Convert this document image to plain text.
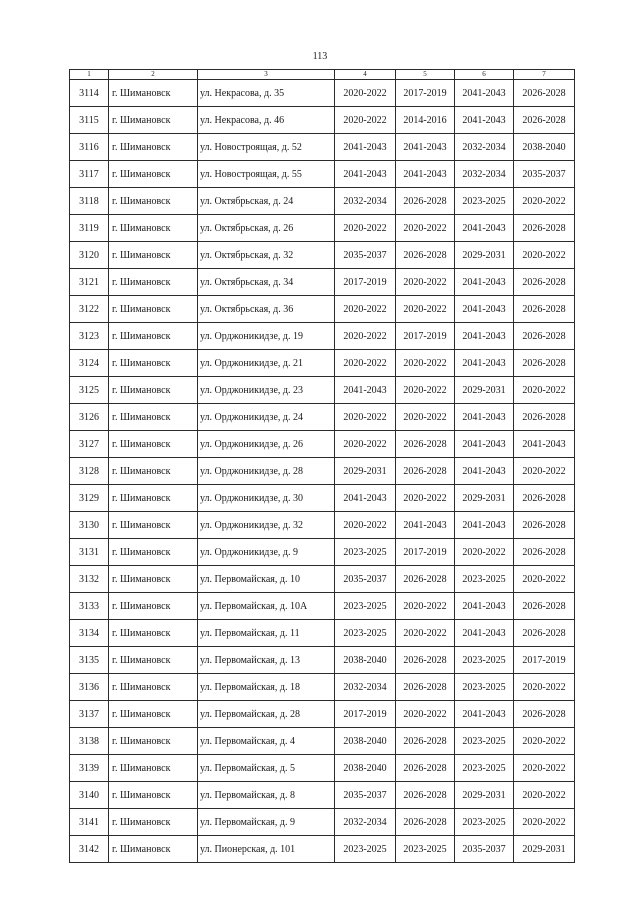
113
1	2	3	4	5	6	7
3114	г. Шимановск	ул. Некрасова, д. 35	2020-2022	2017-2019	2041-2043	2026-2028
3115	г. Шимановск	ул. Некрасова, д. 46	2020-2022	2014-2016	2041-2043	2026-2028
3116	г. Шимановск	ул. Новостроящая, д. 52	2041-2043	2041-2043	2032-2034	2038-2040
3117	г. Шимановск	ул. Новостроящая, д. 55	2041-2043	2041-2043	2032-2034	2035-2037
3118	г. Шимановск	ул. Октябрьская, д. 24	2032-2034	2026-2028	2023-2025	2020-2022
3119	г. Шимановск	ул. Октябрьская, д. 26	2020-2022	2020-2022	2041-2043	2026-2028
3120	г. Шимановск	ул. Октябрьская, д. 32	2035-2037	2026-2028	2029-2031	2020-2022
3121	г. Шимановск	ул. Октябрьская, д. 34	2017-2019	2020-2022	2041-2043	2026-2028
3122	г. Шимановск	ул. Октябрьская, д. 36	2020-2022	2020-2022	2041-2043	2026-2028
3123	г. Шимановск	ул. Орджоникидзе, д. 19	2020-2022	2017-2019	2041-2043	2026-2028
3124	г. Шимановск	ул. Орджоникидзе, д. 21	2020-2022	2020-2022	2041-2043	2026-2028
3125	г. Шимановск	ул. Орджоникидзе, д. 23	2041-2043	2020-2022	2029-2031	2020-2022
3126	г. Шимановск	ул. Орджоникидзе, д. 24	2020-2022	2020-2022	2041-2043	2026-2028
3127	г. Шимановск	ул. Орджоникидзе, д. 26	2020-2022	2026-2028	2041-2043	2041-2043
3128	г. Шимановск	ул. Орджоникидзе, д. 28	2029-2031	2026-2028	2041-2043	2020-2022
3129	г. Шимановск	ул. Орджоникидзе, д. 30	2041-2043	2020-2022	2029-2031	2026-2028
3130	г. Шимановск	ул. Орджоникидзе, д. 32	2020-2022	2041-2043	2041-2043	2026-2028
3131	г. Шимановск	ул. Орджоникидзе, д. 9	2023-2025	2017-2019	2020-2022	2026-2028
3132	г. Шимановск	ул. Первомайская, д. 10	2035-2037	2026-2028	2023-2025	2020-2022
3133	г. Шимановск	ул. Первомайская, д. 10А	2023-2025	2020-2022	2041-2043	2026-2028
3134	г. Шимановск	ул. Первомайская, д. 11	2023-2025	2020-2022	2041-2043	2026-2028
3135	г. Шимановск	ул. Первомайская, д. 13	2038-2040	2026-2028	2023-2025	2017-2019
3136	г. Шимановск	ул. Первомайская, д. 18	2032-2034	2026-2028	2023-2025	2020-2022
3137	г. Шимановск	ул. Первомайская, д. 28	2017-2019	2020-2022	2041-2043	2026-2028
3138	г. Шимановск	ул. Первомайская, д. 4	2038-2040	2026-2028	2023-2025	2020-2022
3139	г. Шимановск	ул. Первомайская, д. 5	2038-2040	2026-2028	2023-2025	2020-2022
3140	г. Шимановск	ул. Первомайская, д. 8	2035-2037	2026-2028	2029-2031	2020-2022
3141	г. Шимановск	ул. Первомайская, д. 9	2032-2034	2026-2028	2023-2025	2020-2022
3142	г. Шимановск	ул. Пионерская, д. 101	2023-2025	2023-2025	2035-2037	2029-2031
